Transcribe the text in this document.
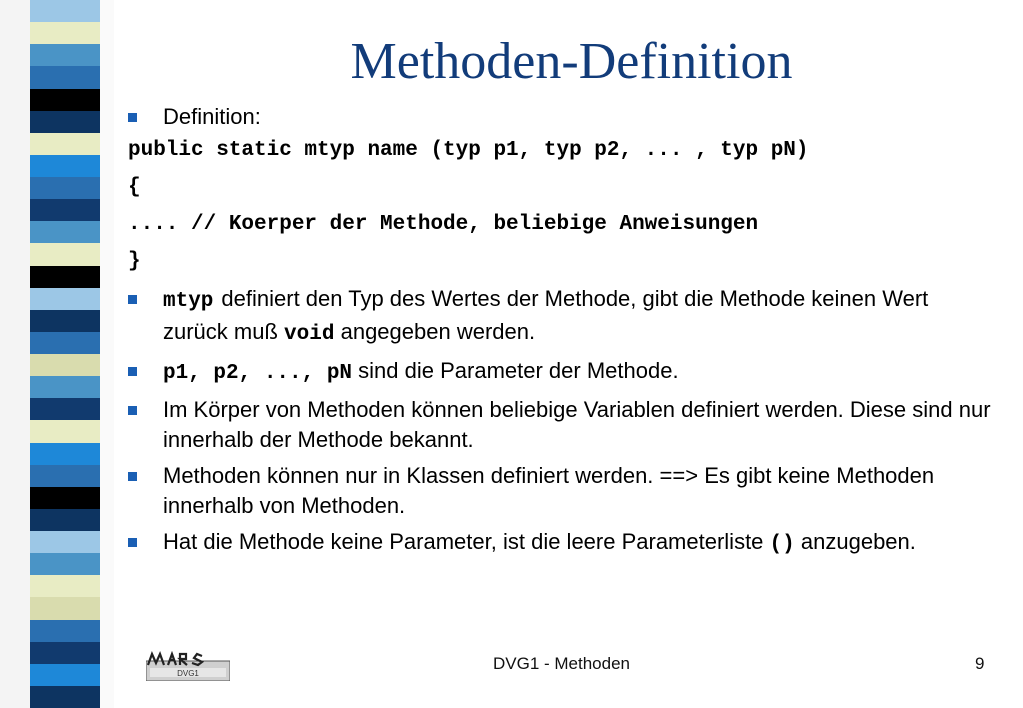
Methoden-Definition
Definition:
public static mtyp name (typ p1, typ p2, ... , typ pN)
{
.... // Koerper der Methode, beliebige Anweisungen
}
mtyp definiert den Typ des Wertes der Methode, gibt die Methode keinen Wert zurück muß void angegeben werden.
p1, p2, ..., pN sind die Parameter der Methode.
Im Körper von Methoden können beliebige Variablen definiert werden. Diese sind nur innerhalb der Methode bekannt.
Methoden können nur in Klassen definiert werden. ==> Es gibt keine Methoden innerhalb von Methoden.
Hat die Methode keine Parameter, ist die leere Parameterliste () anzugeben.
DVG1
DVG1 - Methoden	9
